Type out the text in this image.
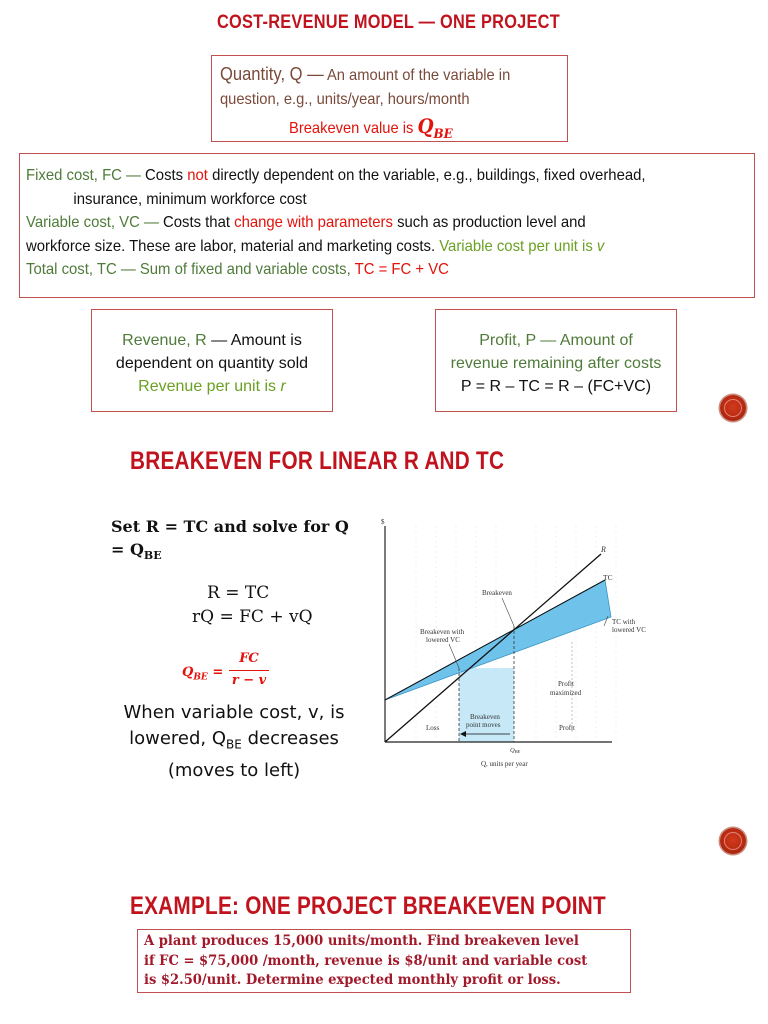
COST-REVENUE MODEL — ONE PROJECT
Quantity, Q — An amount of the variable in
question, e.g., units/year, hours/month
Breakeven value is $Q_{BE}$
Fixed cost, FC — Costs not directly dependent on the variable, e.g., buildings, fixed overhead,
insurance, minimum workforce cost
Variable cost, VC — Costs that change with parameters such as production level and
workforce size. These are labor, material and marketing costs. Variable cost per unit is v
Total cost, TC — Sum of fixed and variable costs, TC = FC + VC
Revenue, R — Amount is
dependent on quantity sold
Revenue per unit is r
Profit, P — Amount of
revenue remaining after costs
P = R – TC = R – (FC+VC)
BREAKEVEN FOR LINEAR R AND TC
Set R = TC and solve for Q
= $Q_{BE}$
R = TC
rQ = FC + vQ
$Q_{BE}$ =
FC
r − v
When variable cost, v, is
lowered, $Q_{BE}$ decreases
(moves to left)
$
R
TC
Breakeven
Breakeven with
lowered VC
TC with
lowered VC
Profit
maximized
Loss
Breakeven
point moves	Profit
QBE
Q, units per year
EXAMPLE: ONE PROJECT BREAKEVEN POINT
A plant produces 15,000 units/month. Find breakeven level
if FC = $75,000 /month, revenue is $8/unit and variable cost
is $2.50/unit. Determine expected monthly profit or loss.
